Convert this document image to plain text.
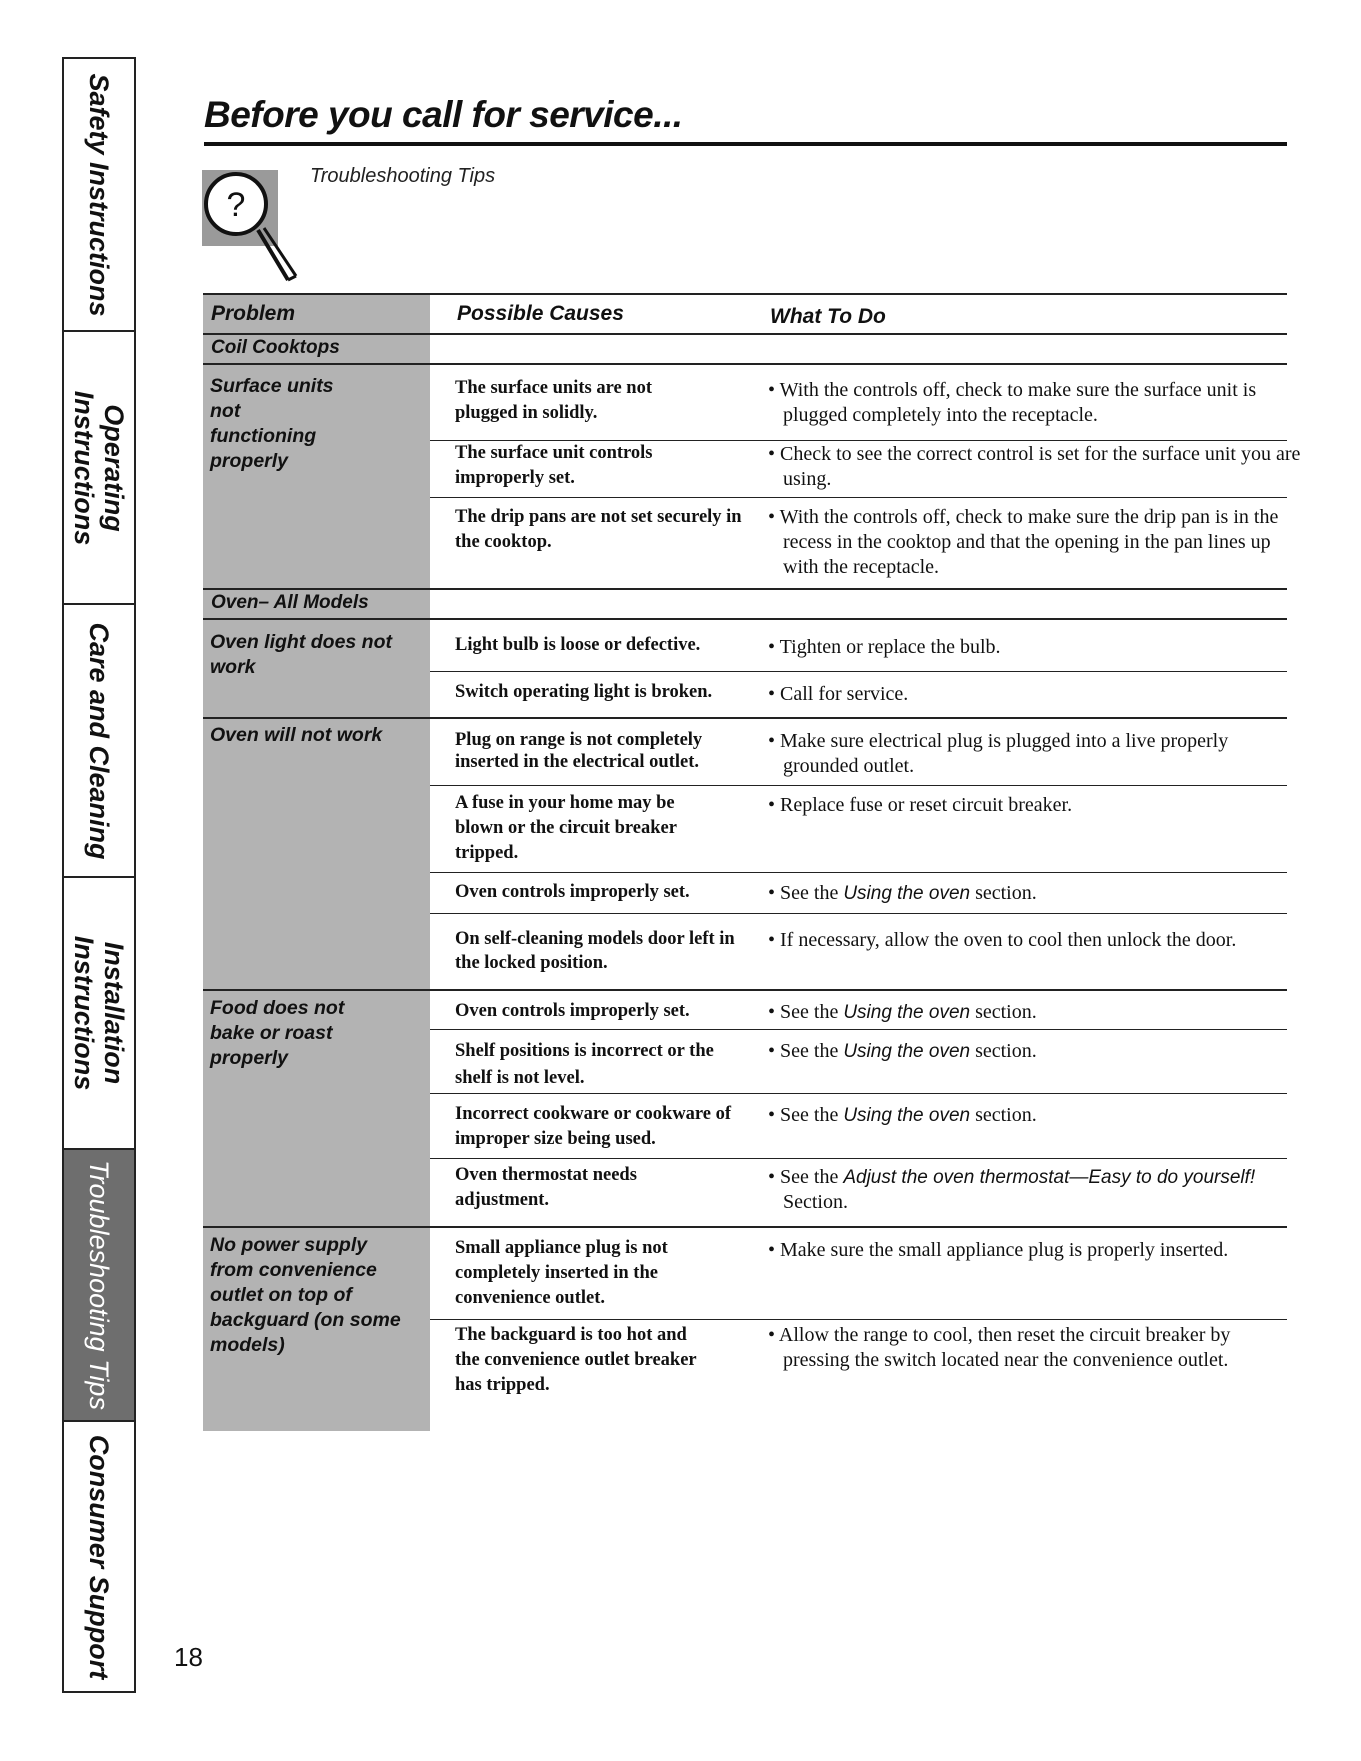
Safety Instructions
Operating Instructions
Care and Cleaning
Installation Instructions
Troubleshooting Tips
Consumer Support 18
Before you call for service...
?
Troubleshooting Tips
Problem	Possible Causes	What To Do
Coil Cooktops
Oven– All Models
Surface units not functioning properly
Oven light does not work
Oven will not work
Food does not bake or roast properly
No power supply from convenience outlet on top of backguard (on some models)
The surface units are not plugged in solidly.
The surface unit controls improperly set.
The drip pans are not set securely in the cooktop.
Light bulb is loose or defective.
Switch operating light is broken.
Plug on range is not completely inserted in the electrical outlet.
A fuse in your home may be blown or the circuit breaker tripped.
Oven controls improperly set.
On self-cleaning models door left in the locked position.
Oven controls improperly set.
Shelf positions is incorrect or the shelf is not level.
Incorrect cookware or cookware of improper size being used.
Oven thermostat needs adjustment.
Small appliance plug is not completely inserted in the convenience outlet.
The backguard is too hot and the convenience outlet breaker has tripped.
• With the controls off, check to make sure the surface unit is plugged completely into the receptacle.
• Check to see the correct control is set for the surface unit you are using.
• With the controls off, check to make sure the drip pan is in the recess in the cooktop and that the opening in the pan lines up with the receptacle.
• Tighten or replace the bulb.
• Call for service.
• Make sure electrical plug is plugged into a live properly grounded outlet.
• Replace fuse or reset circuit breaker.
• See the Using the oven section.
• If necessary, allow the oven to cool then unlock the door.
• See the Using the oven section.
• See the Using the oven section.
• See the Using the oven section.
• See the Adjust the oven thermostat—Easy to do yourself! Section.
• Make sure the small appliance plug is properly inserted.
• Allow the range to cool, then reset the circuit breaker by pressing the switch located near the convenience outlet.
